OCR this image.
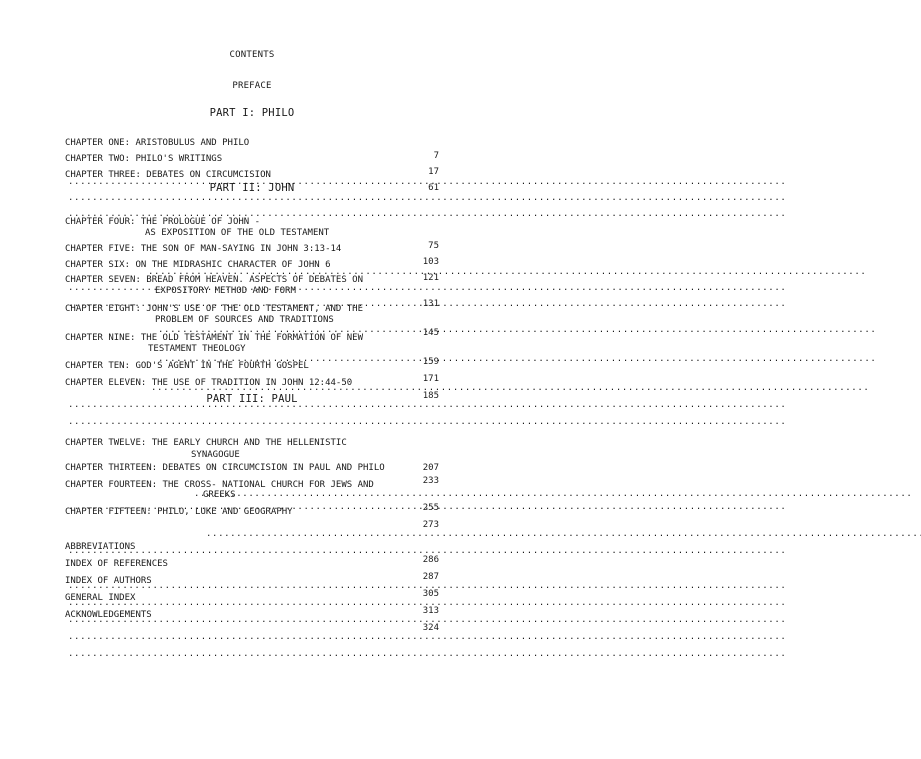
CONTENTS
PREFACE
PART I: PHILO

CHAPTER ONE: ARISTOBULUS AND PHILO

7

. . .

CHAPTER TWO: PHILO'S WRITINGS

17

. . .

CHAPTER THREE: DEBATES ON CIRCUMCISION

61

. . .

PART II: JOHN

CHAPTER FOUR: THE PROLOGUE OF JOHN -

AS EXPOSITION OF THE OLD TESTAMENT

75

. . .

CHAPTER FIVE: THE SON OF MAN-SAYING IN JOHN 3:13-14

103

. . .

CHAPTER SIX: ON THE MIDRASHIC CHARACTER OF JOHN 6

121

. . .

CHAPTER SEVEN: BREAD FROM HEAVEN. ASPECTS OF DEBATES ON

EXPOSITORY METHOD AND FORM

131

. . .

CHAPTER EIGHT: JOHN'S USE OF THE OLD TESTAMENT, AND THE

PROBLEM OF SOURCES AND TRADITIONS

145

. . .

CHAPTER NINE: THE OLD TESTAMENT IN THE FORMATION OF NEW

TESTAMENT THEOLOGY

159

. . .

CHAPTER TEN: GOD'S AGENT IN THE FOURTH GOSPEL

171

. . .

CHAPTER ELEVEN: THE USE OF TRADITION IN JOHN 12:44-50

185

. . .

PART III: PAUL

CHAPTER TWELVE: THE EARLY CHURCH AND THE HELLENISTIC

SYNAGOGUE

207

. . .

CHAPTER THIRTEEN: DEBATES ON CIRCUMCISION IN PAUL AND PHILO

233

. . .

CHAPTER FOURTEEN: THE CROSS- NATIONAL CHURCH FOR JEWS AND

GREEKS

255

. . .

CHAPTER FIFTEEN: PHILO, LUKE AND GEOGRAPHY

273

. . .

ABBREVIATIONS

286

. . .

INDEX OF REFERENCES

287

. . .

INDEX OF AUTHORS

305

. . .

GENERAL INDEX

313

. . .

ACKNOWLEDGEMENTS

324

. . .
